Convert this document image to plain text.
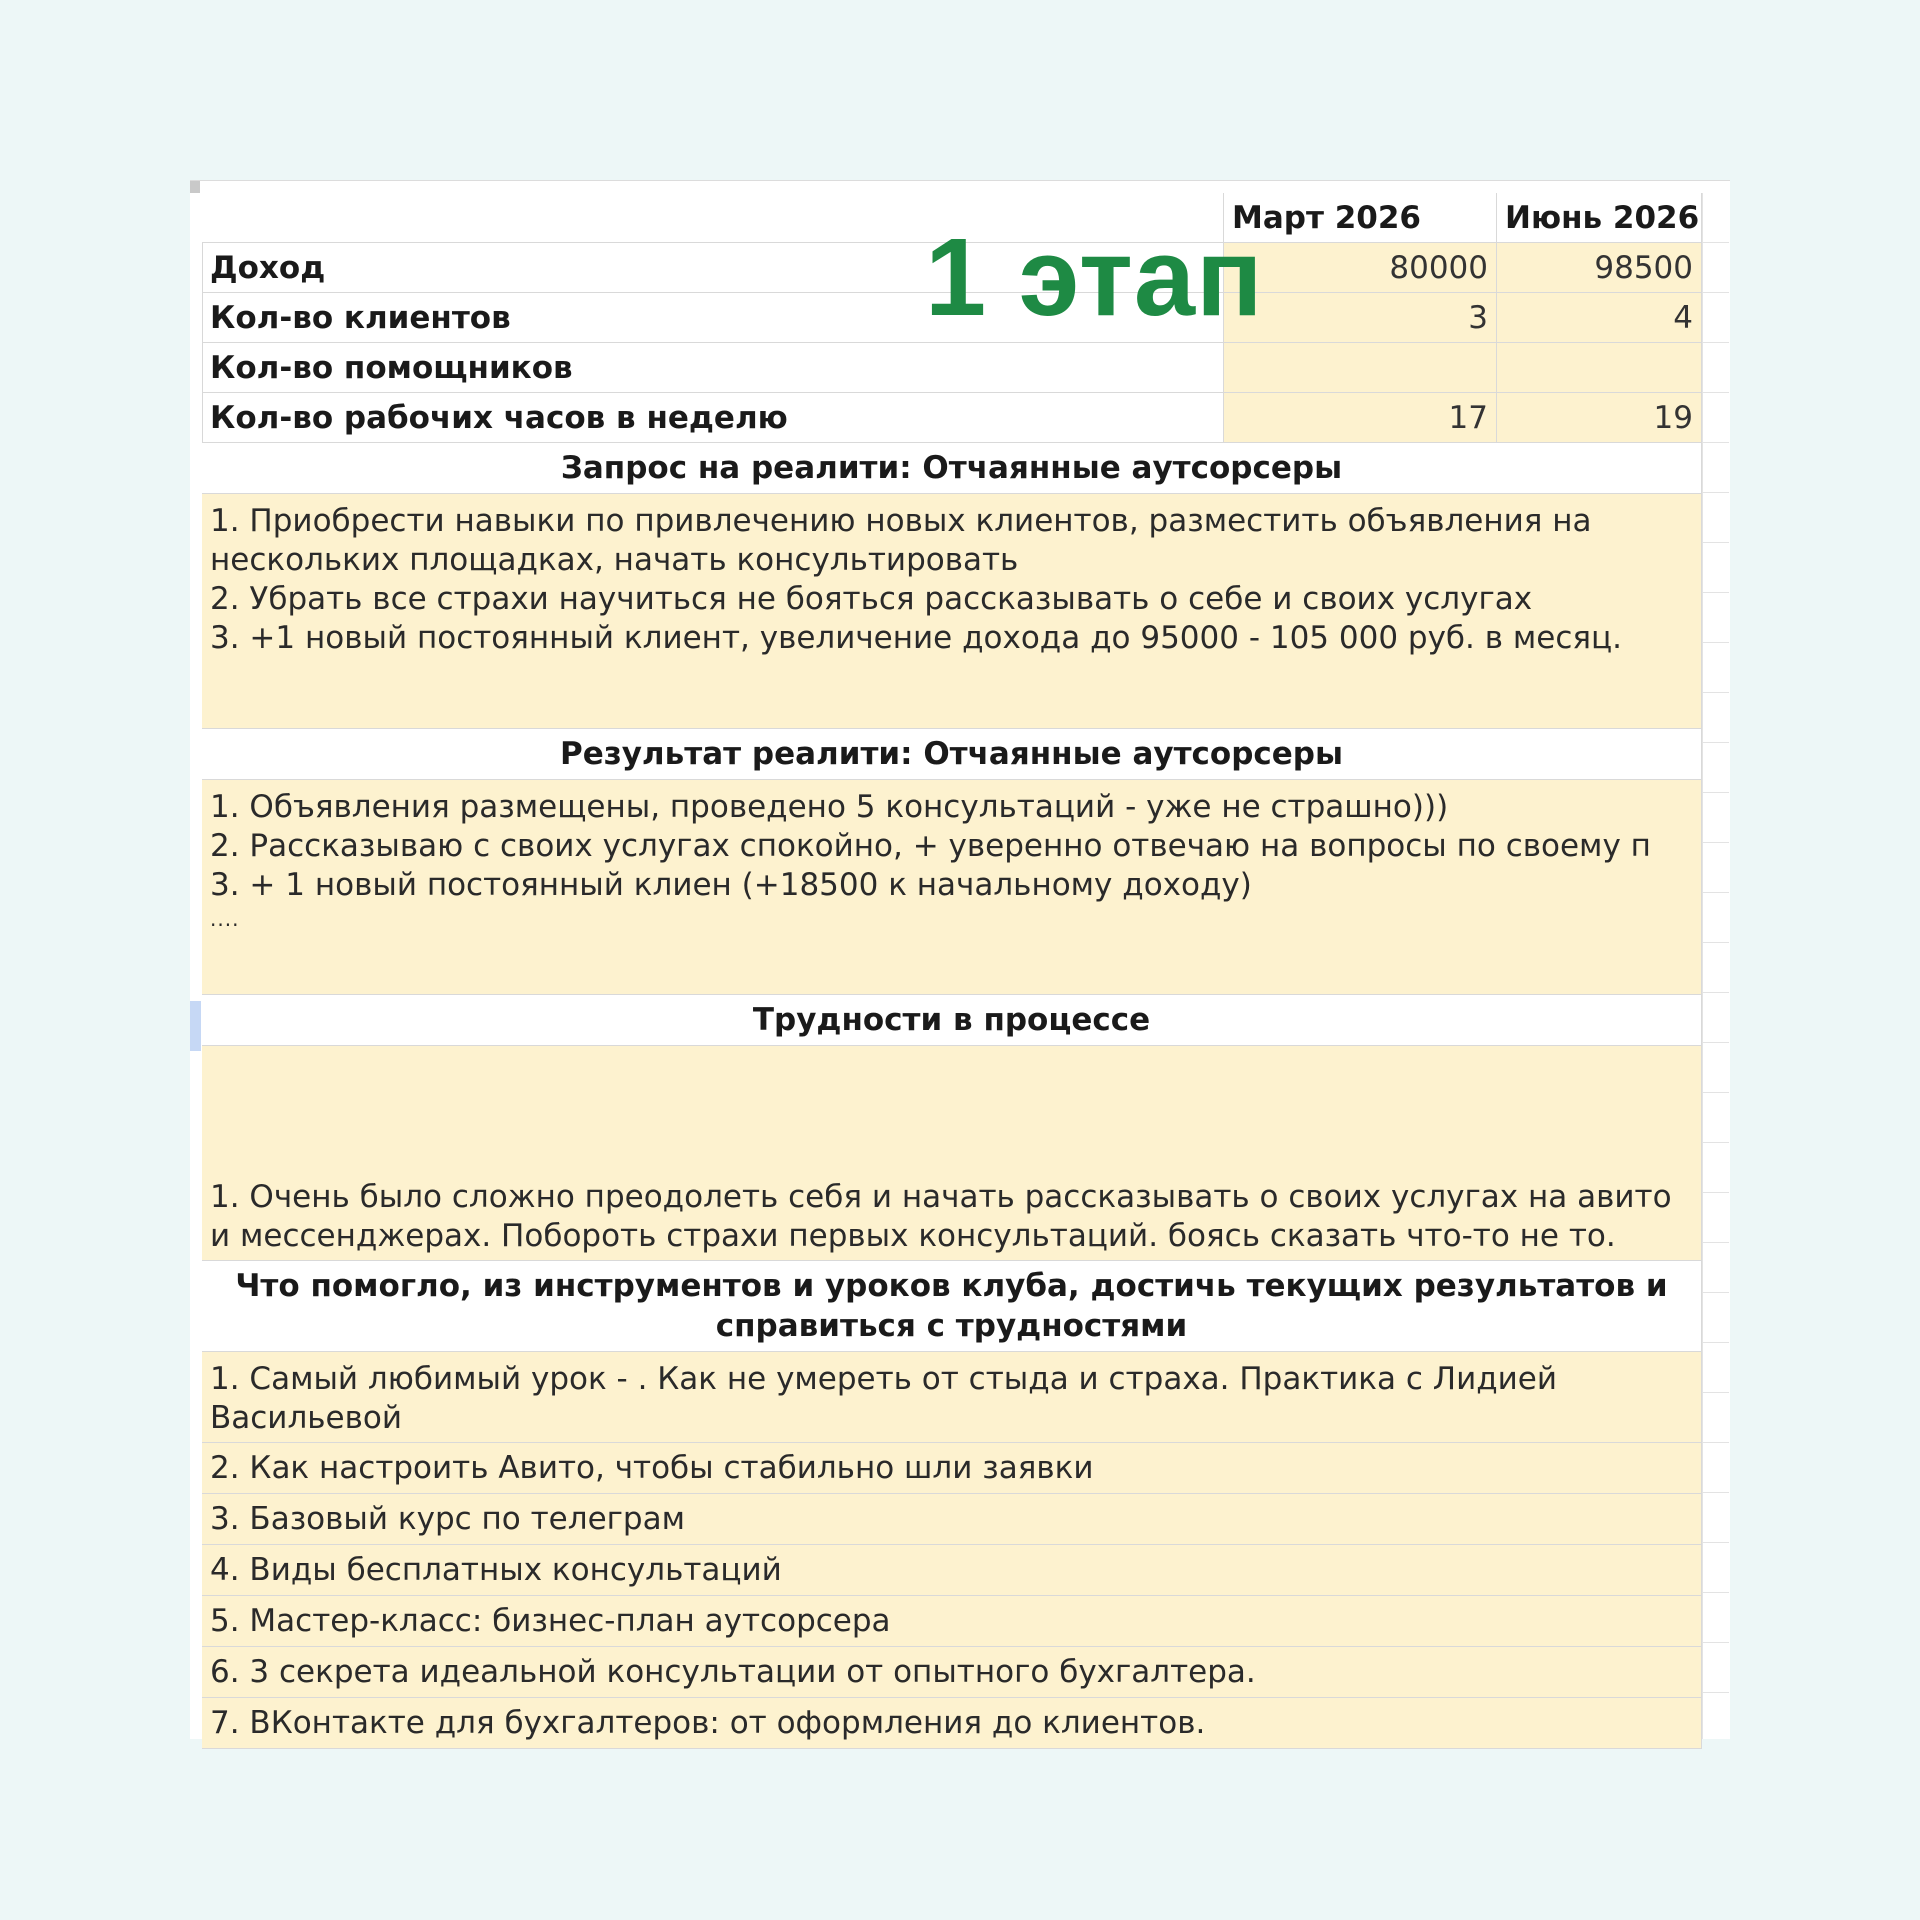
Март 2026	Июнь 2026
Доход	80000	98500
Кол-во клиентов	3	4
Кол-во помощников
Кол-во рабочих часов в неделю	17	19
Запрос на реалити: Отчаянные аутсорсеры
1. Приобрести навыки по привлечению новых клиентов, разместить объявления на нескольких площадках, начать консультировать
2. Убрать все страхи научиться не бояться рассказывать о себе и своих услугах
3. +1 новый постоянный клиент, увеличение дохода до 95000 - 105 000 руб. в месяц.
Результат реалити: Отчаянные аутсорсеры
1. Объявления размещены, проведено 5 консультаций - уже не страшно)))
2. Рассказываю с своих услугах спокойно, + уверенно отвечаю на вопросы по своему п
3. + 1 новый постоянный клиен (+18500 к начальному доходу)
....
Трудности в процессе
1. Очень было сложно преодолеть себя и начать рассказывать о своих услугах на авито и мессенджерах. Побороть страхи первых консультаций. боясь сказать что-то не то.
Что помогло, из инструментов и уроков клуба, достичь текущих результатов и справиться с трудностями
1. Самый любимый урок - . Как не умереть от стыда и страха. Практика с Лидией Васильевой
2. Как настроить Авито, чтобы стабильно шли заявки
3. Базовый курс по телеграм
4. Виды бесплатных консультаций
5. Мастер-класс: бизнес-план аутсорсера
6. 3 секрета идеальной консультации от опытного бухгалтера.
7. ВКонтакте для бухгалтеров: от оформления до клиентов.
1 этап
